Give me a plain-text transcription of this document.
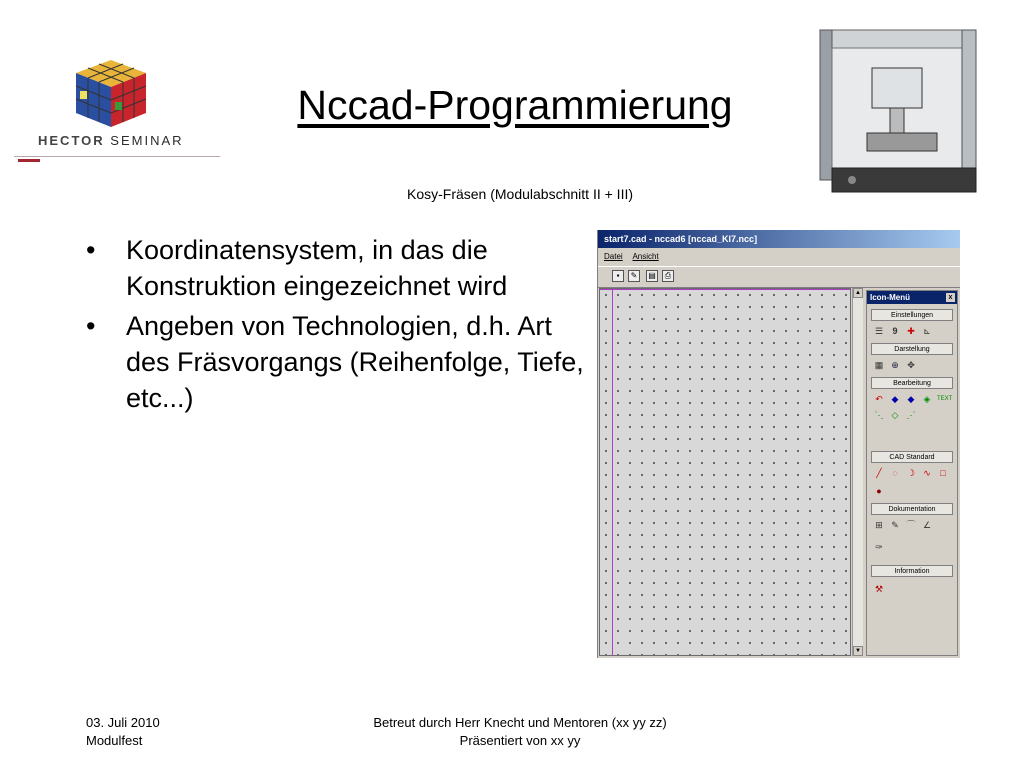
HECTOR SEMINAR
Nccad-Programmierung
Kosy-Fräsen (Modulabschnitt II + III)
• Koordinatensystem, in das die Konstruktion eingezeichnet wird
• Angeben von Technologien, d.h. Art des Fräsvorgangs (Reihenfolge, Tiefe, etc...)
start7.cad - nccad6 [nccad_Kl7.ncc]
Datei Ansicht
▪	✎	▤	⎙
▲
▼
Icon-Menü	x
Einstellungen
☰	9	✚ ⊾
Darstellung
▦ ⊕ ✥
Bearbeitung
↶ ◆ ◆ ◈	TEXT
⋱ ◇ ⋰
CAD Standard
╱	◌	☽ ∿	□
●
Dokumentation
⊞ ✎ ⌒ ∠
✑
Information
⚒
03. Juli 2010
Modulfest
Betreut durch Herr Knecht und Mentoren (xx yy zz)
Präsentiert von xx yy
